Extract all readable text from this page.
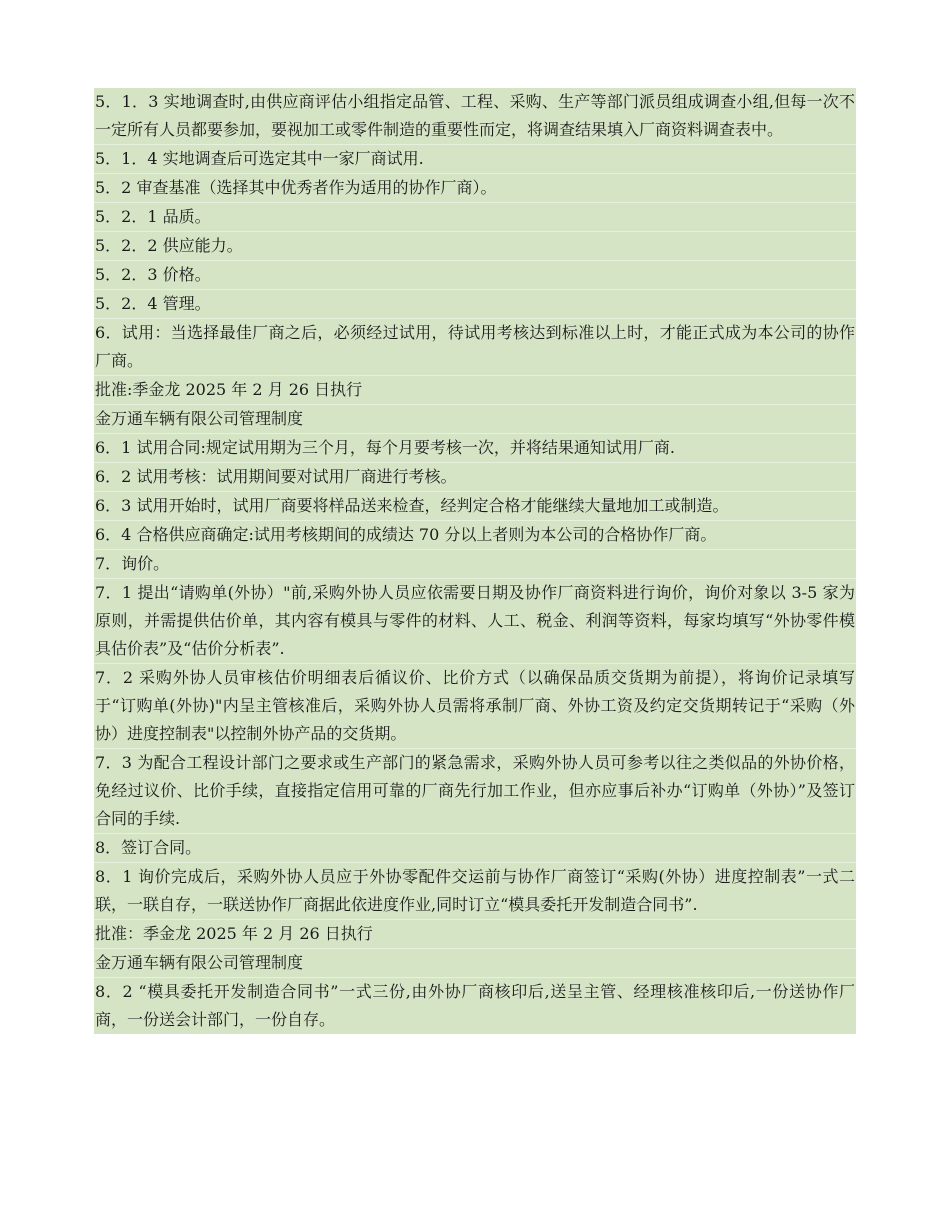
5．1．3 实地调查时,由供应商评估小组指定品管、工程、采购、生产等部门派员组成调查小组,但每一次不一定所有人员都要参加，要视加工或零件制造的重要性而定，将调查结果填入厂商资料调查表中。
5．1．4 实地调查后可选定其中一家厂商试用.
5．2 审查基准（选择其中优秀者作为适用的协作厂商）。
5．2．1 品质。
5．2．2 供应能力。
5．2．3 价格。
5．2．4 管理。
6．试用：当选择最佳厂商之后，必须经过试用，待试用考核达到标准以上时，才能正式成为本公司的协作厂商。
批准:季金龙 2025 年 2 月 26 日执行
金万通车辆有限公司管理制度
6．1 试用合同:规定试用期为三个月，每个月要考核一次，并将结果通知试用厂商.
6．2 试用考核：试用期间要对试用厂商进行考核。
6．3 试用开始时，试用厂商要将样品送来检查，经判定合格才能继续大量地加工或制造。
6．4 合格供应商确定:试用考核期间的成绩达 70 分以上者则为本公司的合格协作厂商。
7．询价。
7．1 提出“请购单(外协）"前,采购外协人员应依需要日期及协作厂商资料进行询价，询价对象以 3-5 家为原则，并需提供估价单，其内容有模具与零件的材料、人工、税金、利润等资料，每家均填写“外协零件模具估价表”及“估价分析表”.
7．2 采购外协人员审核估价明细表后循议价、比价方式（以确保品质交货期为前提），将询价记录填写于“订购单(外协)"内呈主管核准后，采购外协人员需将承制厂商、外协工资及约定交货期转记于“采购（外协）进度控制表"以控制外协产品的交货期。
7．3 为配合工程设计部门之要求或生产部门的紧急需求，采购外协人员可参考以往之类似品的外协价格，免经过议价、比价手续，直接指定信用可靠的厂商先行加工作业，但亦应事后补办“订购单（外协）”及签订合同的手续.
8．签订合同。
8．1 询价完成后，采购外协人员应于外协零配件交运前与协作厂商签订“采购(外协）进度控制表”一式二联，一联自存，一联送协作厂商据此依进度作业,同时订立“模具委托开发制造合同书”.
批准：季金龙 2025 年 2 月 26 日执行
金万通车辆有限公司管理制度
8．2 “模具委托开发制造合同书”一式三份,由外协厂商核印后,送呈主管、经理核准核印后,一份送协作厂商，一份送会计部门，一份自存。
